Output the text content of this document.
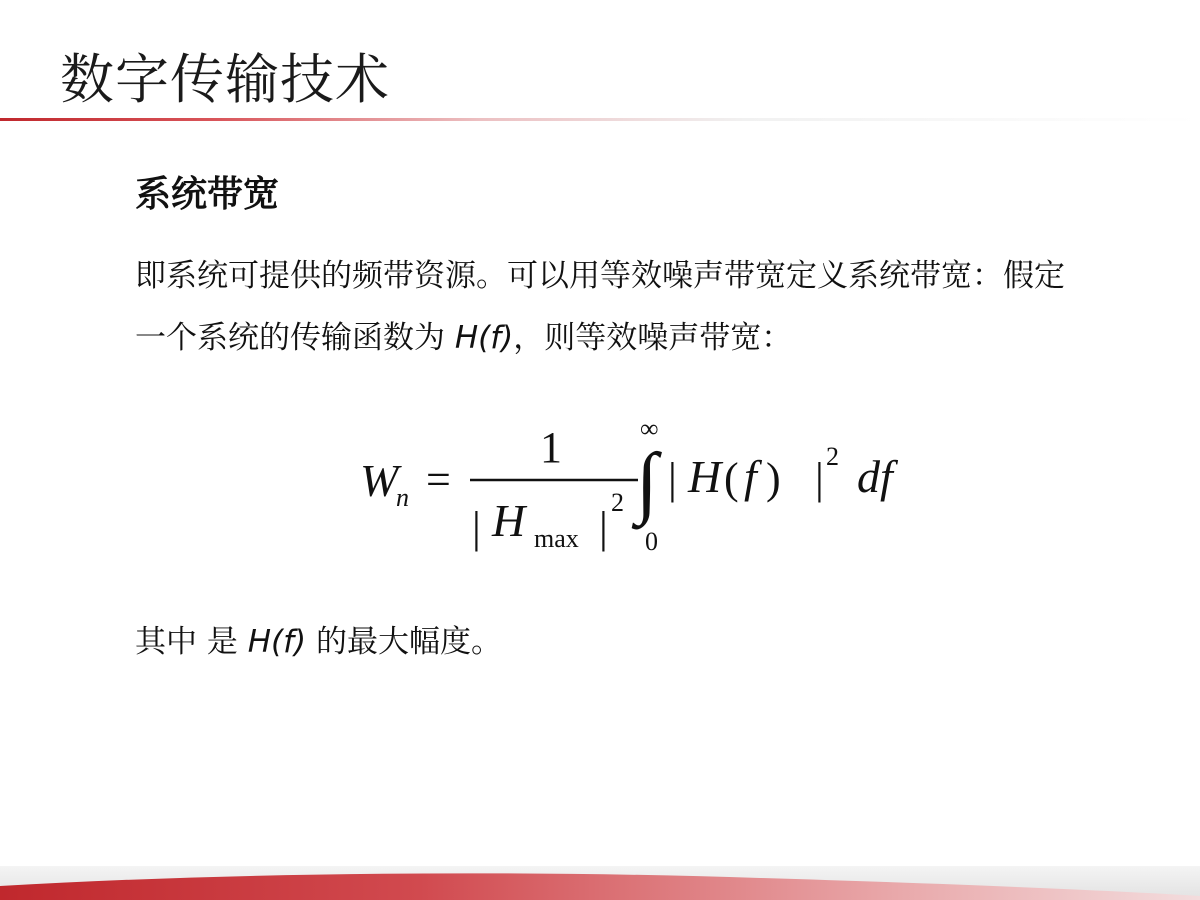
数字传输技术
系统带宽
即系统可提供的频带资源。可以用等效噪声带宽定义系统带宽：假定
一个系统的传输函数为 H(f)，则等效噪声带宽：
W
n =
1
| H max |
2
∞
∫
0
| H ( f ) | 2 df
其中 是 H(f) 的最大幅度。
